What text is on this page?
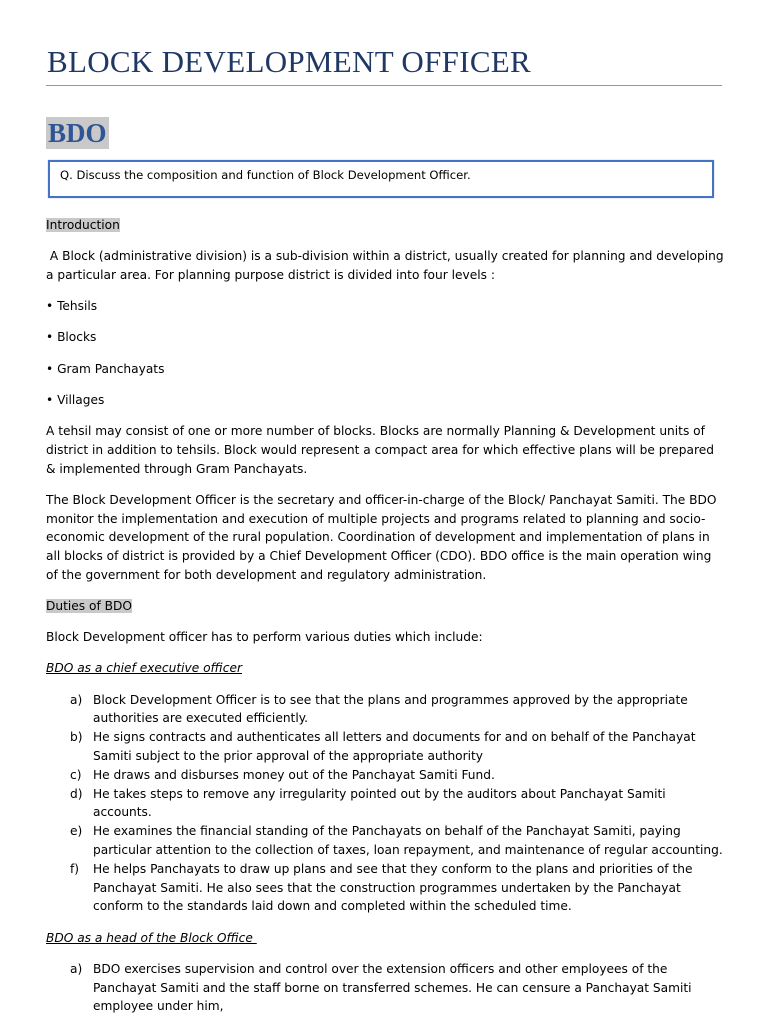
BLOCK DEVELOPMENT OFFICER
BDO
Q. Discuss the composition and function of Block Development Officer.

Introduction

A Block (administrative division) is a sub-division within a district, usually created for planning and developing a particular area. For planning purpose district is divided into four levels :

• Tehsils

• Blocks

• Gram Panchayats

• Villages

A tehsil may consist of one or more number of blocks. Blocks are normally Planning & Development units of district in addition to tehsils. Block would represent a compact area for which effective plans will be prepared & implemented through Gram Panchayats.

The Block Development Officer is the secretary and officer-in-charge of the Block/ Panchayat Samiti. The BDO monitor the implementation and execution of multiple projects and programs related to planning and socio-economic development of the rural population. Coordination of development and implementation of plans in all blocks of district is provided by a Chief Development Officer (CDO). BDO office is the main operation wing of the government for both development and regulatory administration.

Duties of BDO

Block Development officer has to perform various duties which include:

BDO as a chief executive officer

a) Block Development Officer is to see that the plans and programmes approved by the appropriate authorities are executed efficiently.
b) He signs contracts and authenticates all letters and documents for and on behalf of the Panchayat Samiti subject to the prior approval of the appropriate authority
c) He draws and disburses money out of the Panchayat Samiti Fund.
d) He takes steps to remove any irregularity pointed out by the auditors about Panchayat Samiti accounts.
e) He examines the financial standing of the Panchayats on behalf of the Panchayat Samiti, paying particular attention to the collection of taxes, loan repayment, and maintenance of regular accounting.
f) He helps Panchayats to draw up plans and see that they conform to the plans and priorities of the Panchayat Samiti. He also sees that the construction programmes undertaken by the Panchayat conform to the standards laid down and completed within the scheduled time.

BDO as a head of the Block Office

a) BDO exercises supervision and control over the extension officers and other employees of the Panchayat Samiti and the staff borne on transferred schemes. He can censure a Panchayat Samiti employee under him,
